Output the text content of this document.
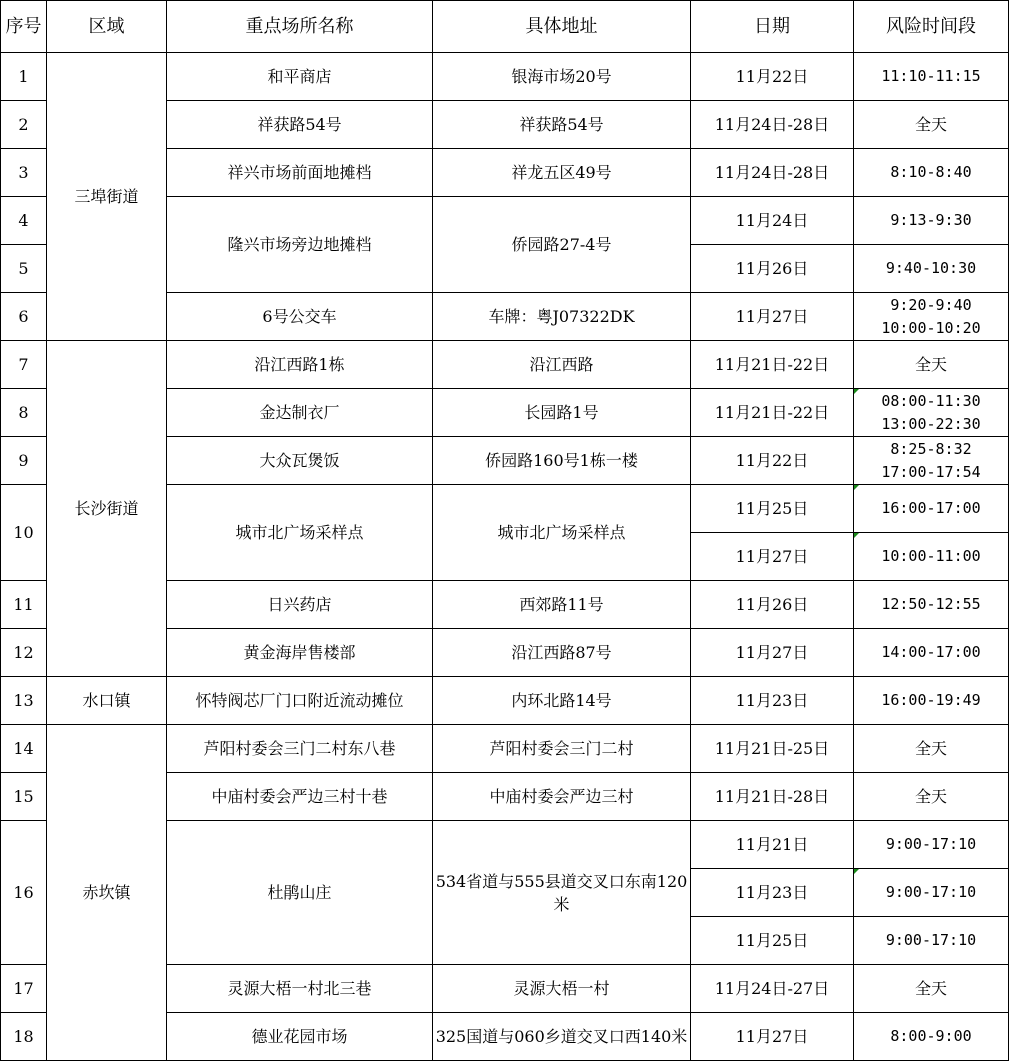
序号	区域	重点场所名称	具体地址	日期	风险时间段
1	三埠街道	和平商店	银海市场20号	11月22日	11:10-11:15
2		祥获路54号	祥获路54号	11月24日-28日	全天
3		祥兴市场前面地摊档	祥龙五区49号	11月24日-28日	8:10-8:40
4		隆兴市场旁边地摊档	侨园路27-4号	11月24日	9:13-9:30
5				11月26日	9:40-10:30
6		6号公交车	车牌：粤J07322DK	11月27日	9:20-9:40
10:00-10:20
7	长沙街道	沿江西路1栋	沿江西路	11月21日-22日	全天
8		金达制衣厂	长园路1号	11月21日-22日	08:00-11:30
13:00-22:30
9		大众瓦煲饭	侨园路160号1栋一楼	11月22日	8:25-8:32
17:00-17:54
10		城市北广场采样点	城市北广场采样点	11月25日	16:00-17:00
				11月27日	10:00-11:00
11		日兴药店	西郊路11号	11月26日	12:50-12:55
12		黄金海岸售楼部	沿江西路87号	11月27日	14:00-17:00
13	水口镇	怀特阀芯厂门口附近流动摊位	内环北路14号	11月23日	16:00-19:49
14	赤坎镇	芦阳村委会三门二村东八巷	芦阳村委会三门二村	11月21日-25日	全天
15		中庙村委会严边三村十巷	中庙村委会严边三村	11月21日-28日	全天
16		杜鹃山庄	534省道与555县道交叉口东南120米	11月21日	9:00-17:10
				11月23日	9:00-17:10
				11月25日	9:00-17:10
17		灵源大梧一村北三巷	灵源大梧一村	11月24日-27日	全天
18		德业花园市场	325国道与060乡道交叉口西140米	11月27日	8:00-9:00
